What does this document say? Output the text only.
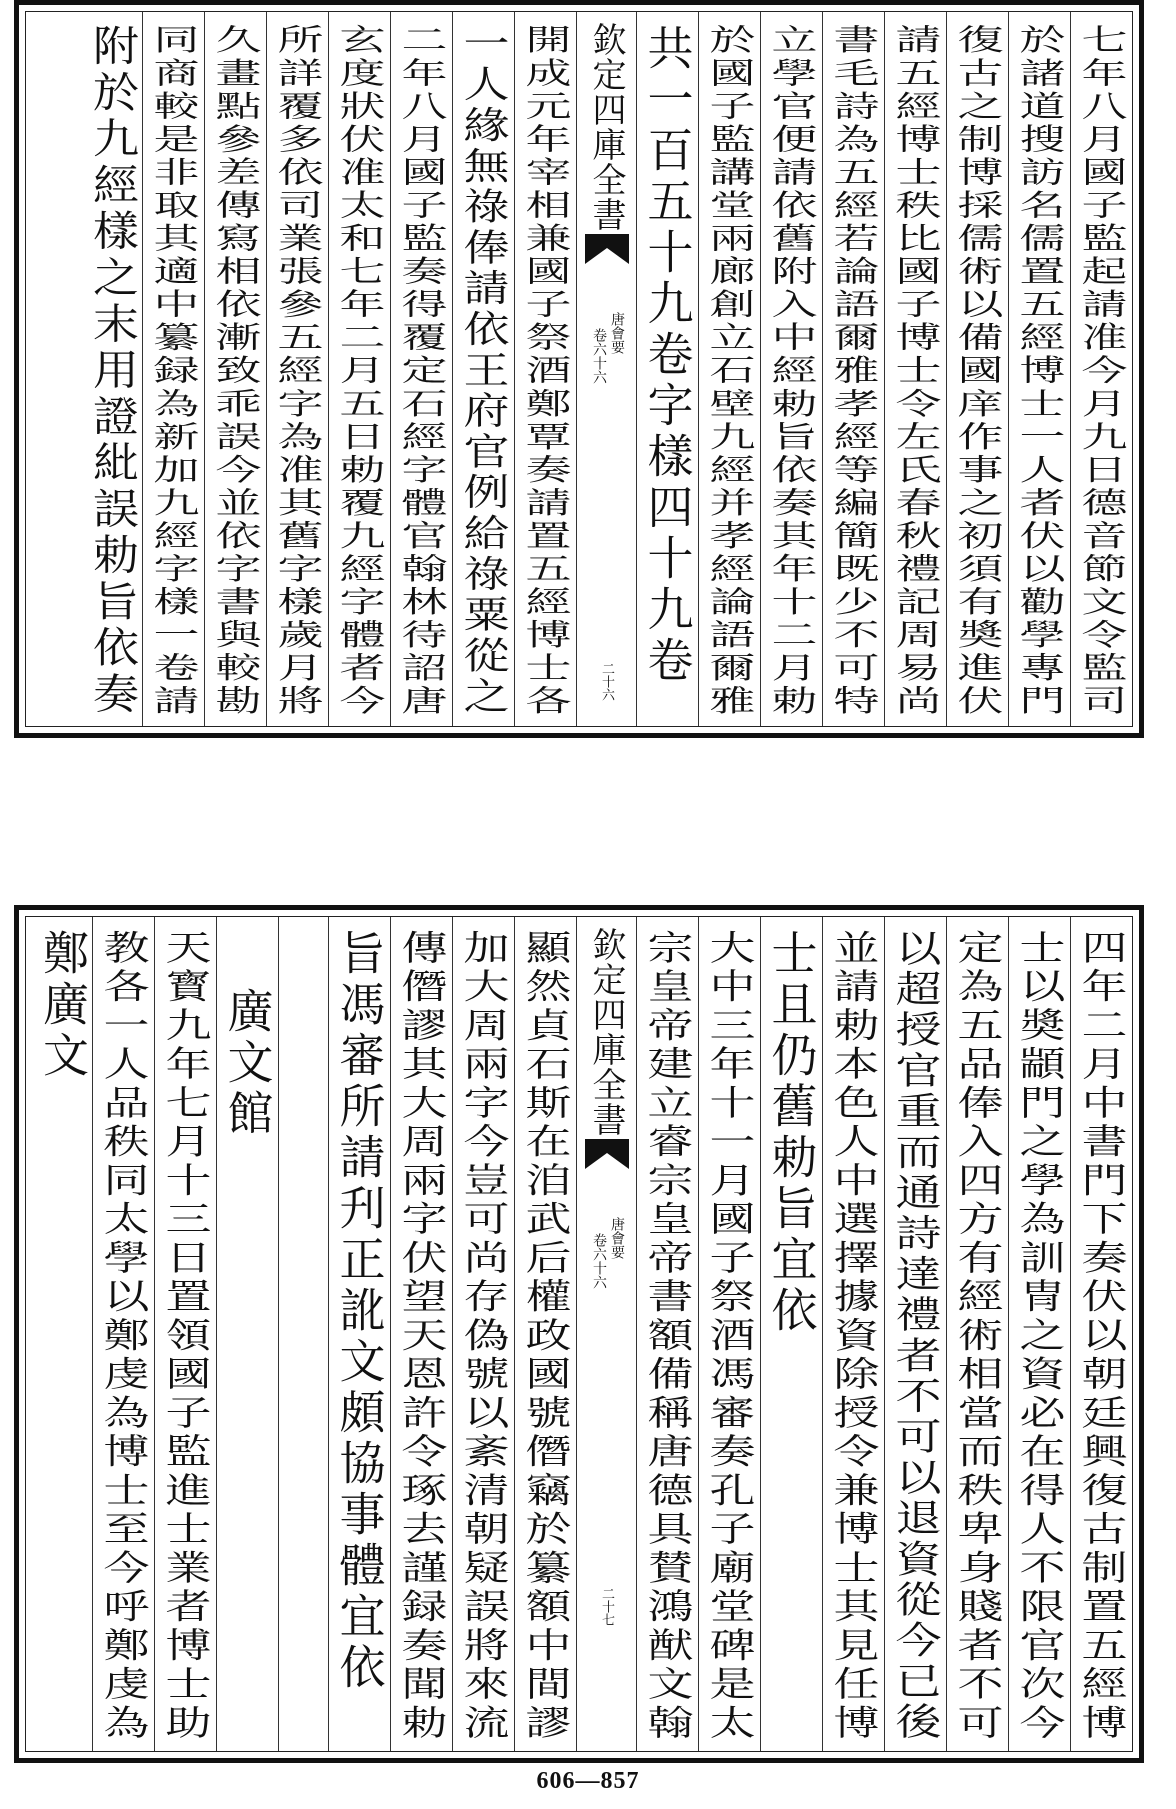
七年八月國子監起請准今月九日德音節文令監司
於諸道搜訪名儒置五經博士一人者伏以勸學專門
復古之制博採儒術以備國庠作事之初須有奬進伏
請五經博士秩比國子博士令左氏春秋禮記周易尚
書毛詩為五經若論語爾雅孝經等編簡既少不可特
立學官便請依舊附入中經勅旨依奏其年十二月勅
於國子監講堂兩廊創立石壁九經并孝經論語爾雅
共一百五十九卷字樣四十九卷
欽定四庫全書
唐會要
卷六十六
二十六
開成元年宰相兼國子祭酒鄭覃奏請置五經博士各
一人緣無祿俸請依王府官例給祿粟從之
二年八月國子監奏得覆定石經字體官翰林待詔唐
玄度狀伏准太和七年二月五日勅覆九經字體者今
所詳覆多依司業張參五經字為准其舊字樣歲月將
久畫點參差傳寫相依漸致乖誤今並依字書與較勘
同商較是非取其適中纂録為新加九經字樣一卷請
附於九經樣之末用證紕誤勅旨依奏
四年二月中書門下奏伏以朝廷興復古制置五經博
士以奬顓門之學為訓冑之資必在得人不限官次今
定為五品俸入四方有經術相當而秩卑身賤者不可
以超授官重而通詩達禮者不可以退資從今已後
並請勅本色人中選擇據資除授令兼博士其見任博
士且仍舊勅旨宜依
大中三年十一月國子祭酒馮審奏孔子廟堂碑是太
宗皇帝建立睿宗皇帝書額備稱唐德具賛鴻猷文翰
欽定四庫全書
唐會要
卷六十六
二十七
顯然貞石斯在洎武后權政國號僭竊於纂額中間謬
加大周兩字今豈可尚存偽號以紊清朝疑誤將來流
傳僭謬其大周兩字伏望天恩許令琢去謹録奏聞勅
旨馮審所請刋正訛文頗協事體宜依
廣文館
天寳九年七月十三日置領國子監進士業者博士助
教各一人品秩同太學以鄭虔為博士至今呼鄭虔為
鄭廣文
606—857
